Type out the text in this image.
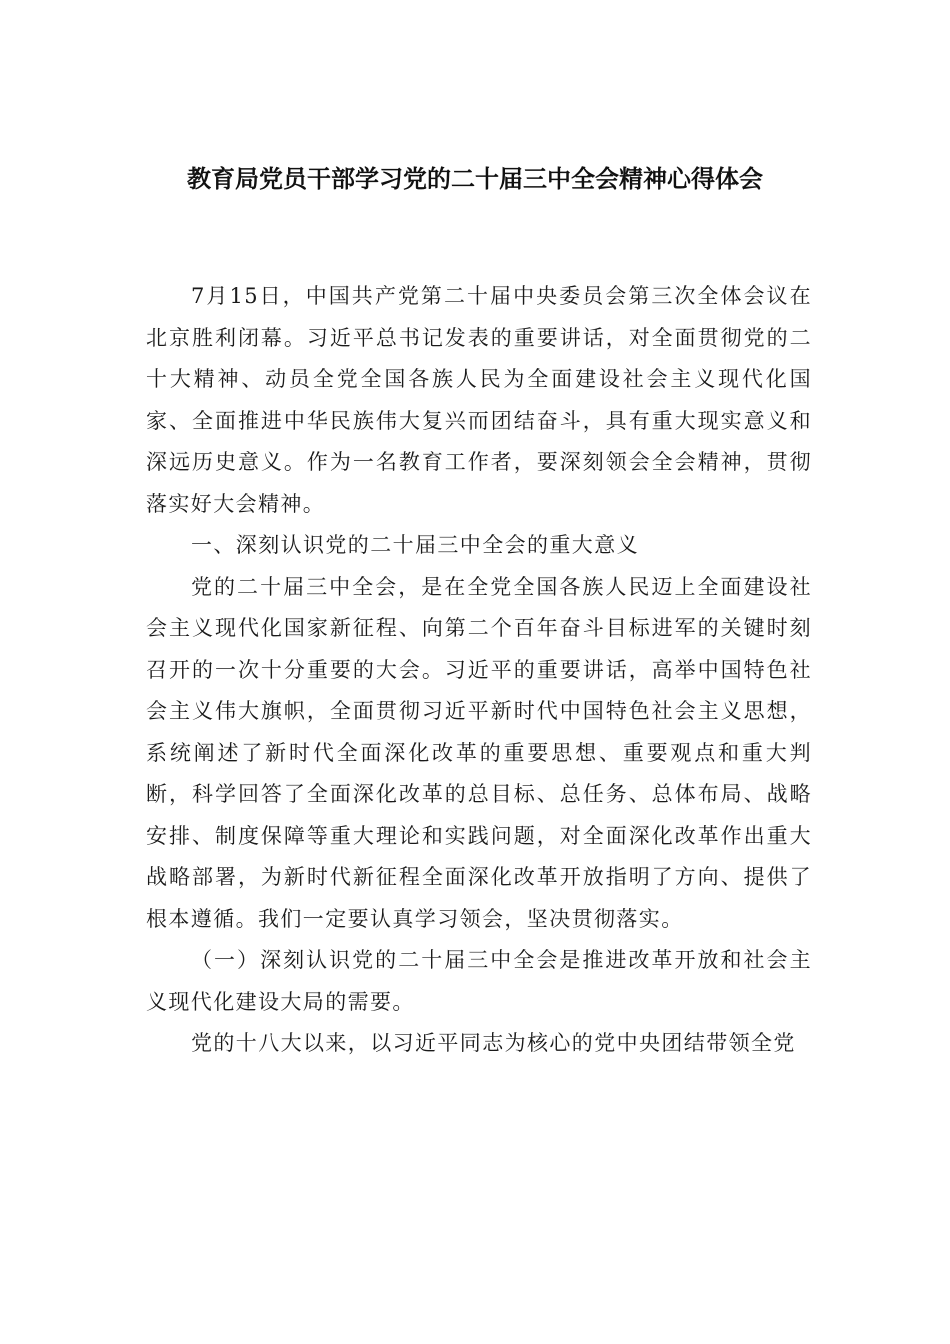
教育局党员干部学习党的二十届三中全会精神心得体会

7月15日，中国共产党第二十届中央委员会第三次全体会议在北京胜利闭幕。习近平总书记发表的重要讲话，对全面贯彻党的二十大精神、动员全党全国各族人民为全面建设社会主义现代化国家、全面推进中华民族伟大复兴而团结奋斗，具有重大现实意义和深远历史意义。作为一名教育工作者，要深刻领会全会精神，贯彻落实好大会精神。

一、深刻认识党的二十届三中全会的重大意义

党的二十届三中全会，是在全党全国各族人民迈上全面建设社会主义现代化国家新征程、向第二个百年奋斗目标进军的关键时刻召开的一次十分重要的大会。习近平的重要讲话，高举中国特色社会主义伟大旗帜，全面贯彻习近平新时代中国特色社会主义思想，系统阐述了新时代全面深化改革的重要思想、重要观点和重大判断，科学回答了全面深化改革的总目标、总任务、总体布局、战略安排、制度保障等重大理论和实践问题，对全面深化改革作出重大战略部署，为新时代新征程全面深化改革开放指明了方向、提供了根本遵循。我们一定要认真学习领会，坚决贯彻落实。

（一）深刻认识党的二十届三中全会是推进改革开放和社会主义现代化建设大局的需要。

党的十八大以来，以习近平同志为核心的党中央团结带领全党
